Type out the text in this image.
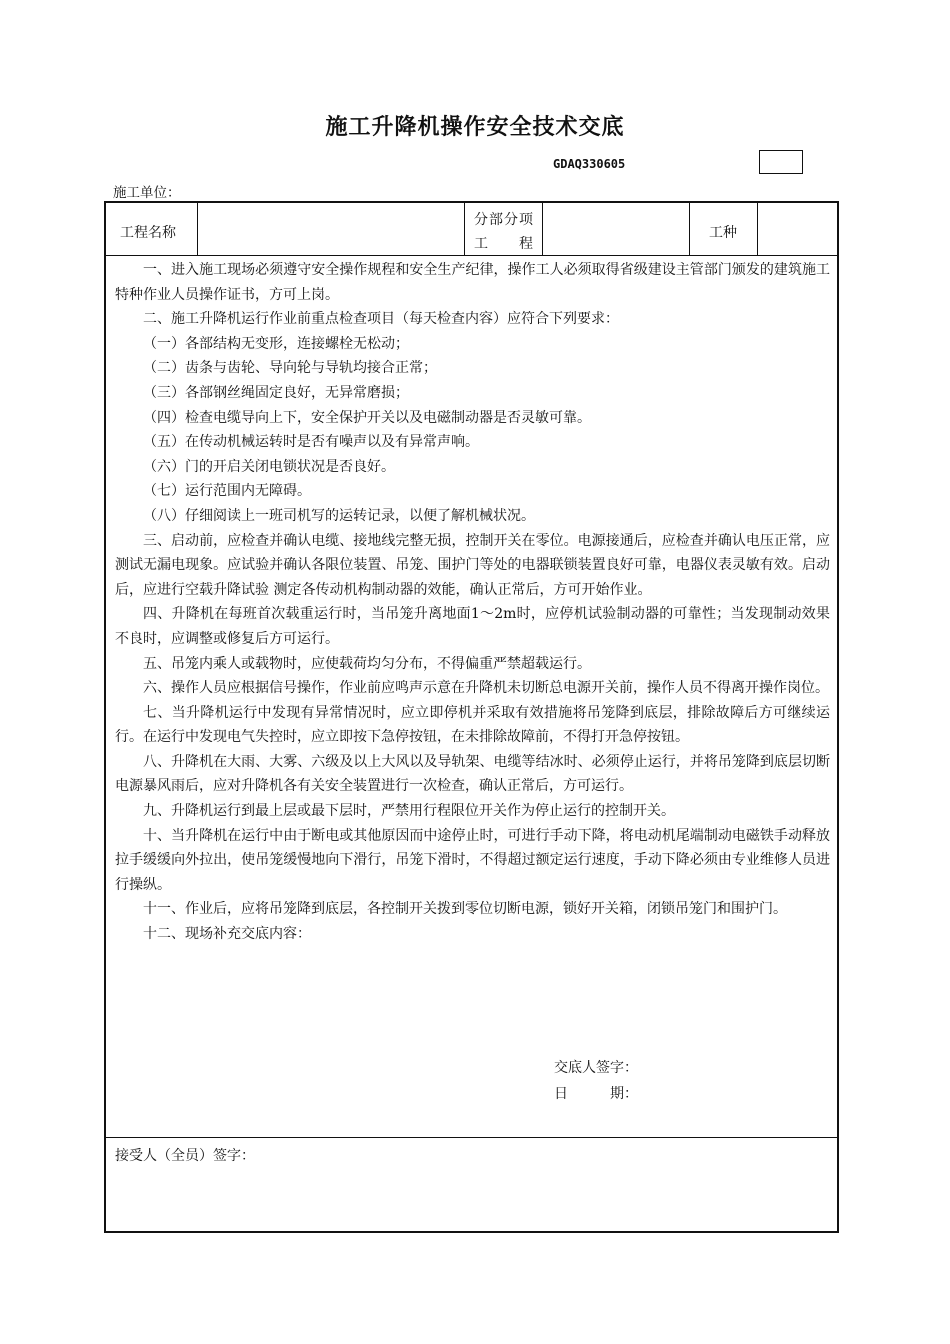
施工升降机操作安全技术交底
GDAQ330605
施工单位：
工程名称
分部分项
工　　程
工种

一、进入施工现场必须遵守安全操作规程和安全生产纪律，操作工人必须取得省级建设主管部门颁发的建筑施工特种作业人员操作证书，方可上岗。

二、施工升降机运行作业前重点检查项目（每天检查内容）应符合下列要求：

（一）各部结构无变形，连接螺栓无松动；

（二）齿条与齿轮、导向轮与导轨均接合正常；

（三）各部钢丝绳固定良好，无异常磨损；

（四）检查电缆导向上下，安全保护开关以及电磁制动器是否灵敏可靠。

（五）在传动机械运转时是否有噪声以及有异常声响。

（六）门的开启关闭电锁状况是否良好。

（七）运行范围内无障碍。

（八）仔细阅读上一班司机写的运转记录，以便了解机械状况。

三、启动前，应检查并确认电缆、接地线完整无损，控制开关在零位。电源接通后，应检查并确认电压正常，应测试无漏电现象。应试验并确认各限位装置、吊笼、围护门等处的电器联锁装置良好可靠，电器仪表灵敏有效。启动后，应进行空载升降试验 测定各传动机构制动器的效能，确认正常后，方可开始作业。

四、升降机在每班首次载重运行时，当吊笼升离地面1～2m时，应停机试验制动器的可靠性；当发现制动效果不良时，应调整或修复后方可运行。

五、吊笼内乘人或载物时，应使载荷均匀分布，不得偏重严禁超载运行。

六、操作人员应根据信号操作，作业前应鸣声示意在升降机未切断总电源开关前，操作人员不得离开操作岗位。

七、当升降机运行中发现有异常情况时，应立即停机并采取有效措施将吊笼降到底层，排除故障后方可继续运行。在运行中发现电气失控时，应立即按下急停按钮，在未排除故障前，不得打开急停按钮。

八、升降机在大雨、大雾、六级及以上大风以及导轨架、电缆等结冰时、必须停止运行，并将吊笼降到底层切断电源暴风雨后，应对升降机各有关安全装置进行一次检查，确认正常后，方可运行。

九、升降机运行到最上层或最下层时，严禁用行程限位开关作为停止运行的控制开关。

十、当升降机在运行中由于断电或其他原因而中途停止时，可进行手动下降，将电动机尾端制动电磁铁手动释放拉手缓缓向外拉出，使吊笼缓慢地向下滑行，吊笼下滑时，不得超过额定运行速度，手动下降必须由专业维修人员进行操纵。

十一、作业后，应将吊笼降到底层，各控制开关拨到零位切断电源，锁好开关箱，闭锁吊笼门和围护门。

十二、现场补充交底内容：

交底人签字：
日　　　期：
接受人（全员）签字：
